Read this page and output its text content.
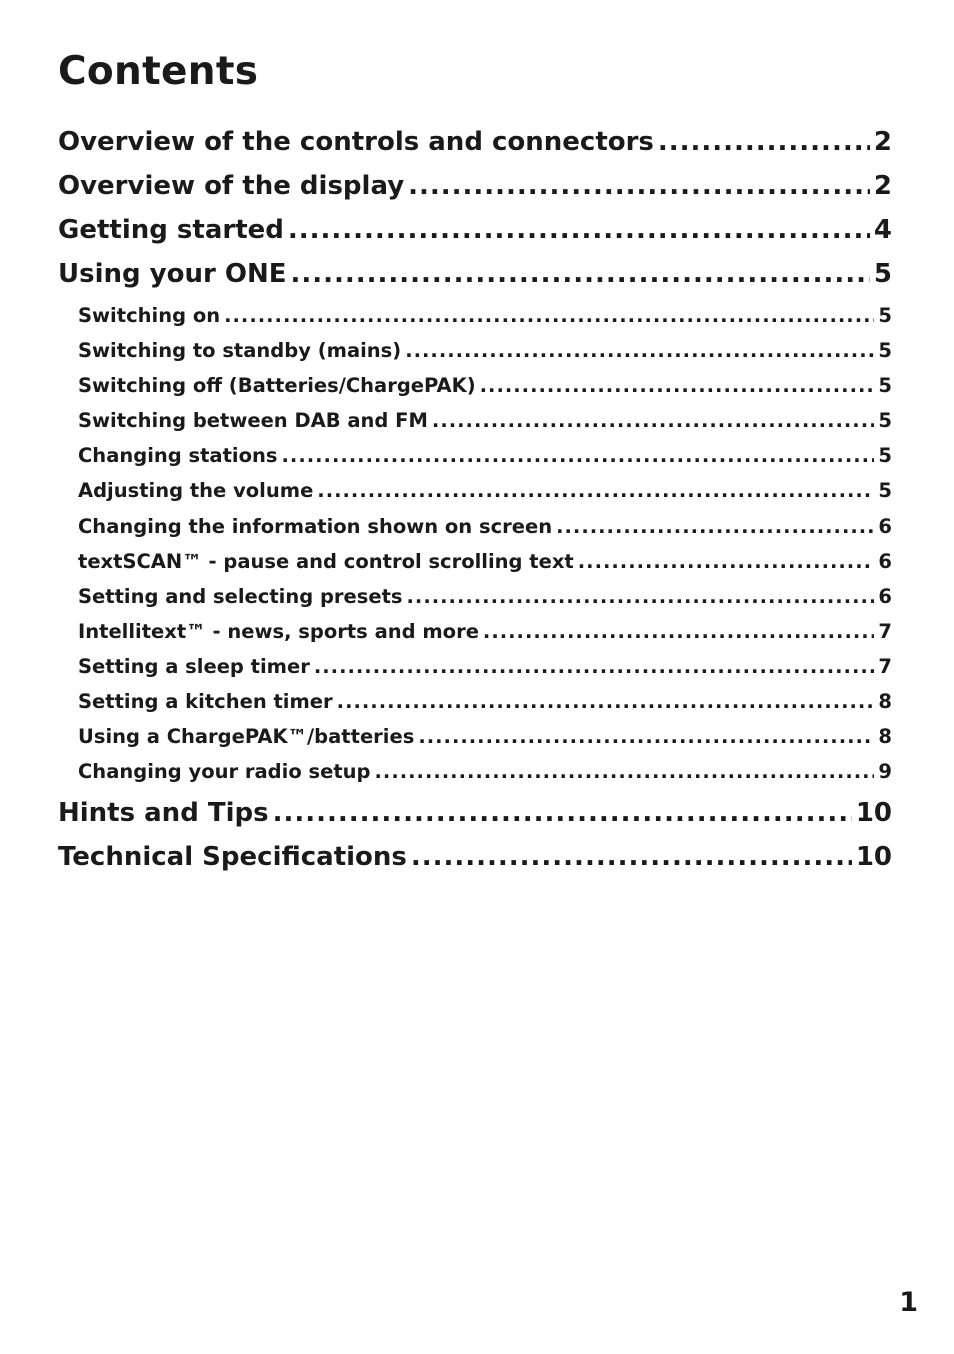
Contents
Overview of the controls and connectors .....	2
Overview of the display .....	2
Getting started .....	4
Using your ONE .....	5
Switching on .....	5
Switching to standby (mains) .....	5
Switching off (Batteries/ChargePAK) .....	5
Switching between DAB and FM .....	5
Changing stations .....	5
Adjusting the volume .....	5
Changing the information shown on screen .....	6
textSCAN™ - pause and control scrolling text .....	6
Setting and selecting presets .....	6
Intellitext™ - news, sports and more .....	7
Setting a sleep timer .....	7
Setting a kitchen timer .....	8
Using a ChargePAK™/batteries .....	8
Changing your radio setup .....	9
Hints and Tips .....	10
Technical Specifications .....	10
1
